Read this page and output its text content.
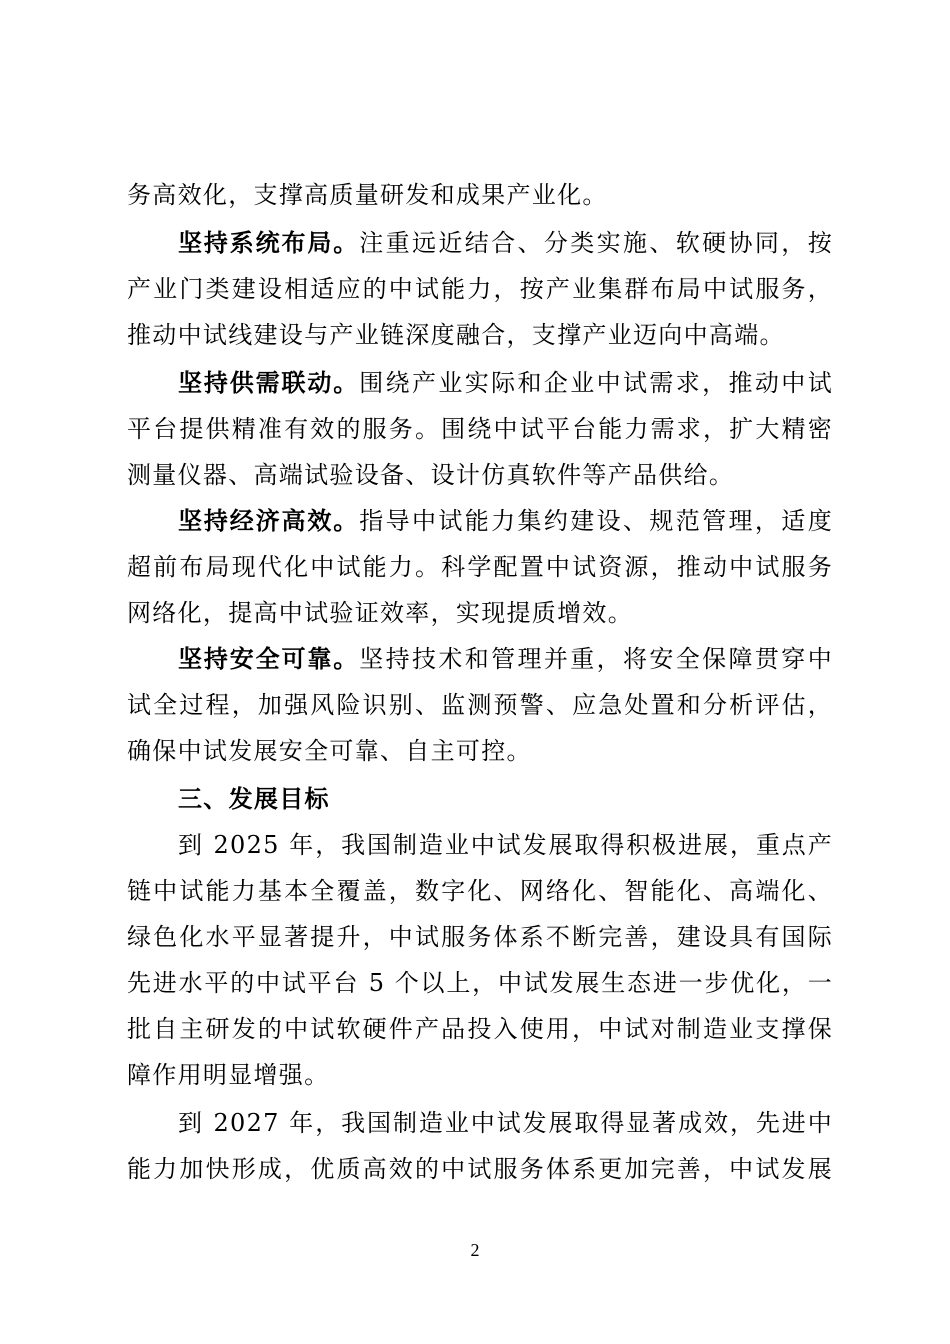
务高效化，支撑高质量研发和成果产业化。
坚持系统布局。注重远近结合、分类实施、软硬协同，按
产业门类建设相适应的中试能力，按产业集群布局中试服务，
推动中试线建设与产业链深度融合，支撑产业迈向中高端。
坚持供需联动。围绕产业实际和企业中试需求，推动中试
平台提供精准有效的服务。围绕中试平台能力需求，扩大精密
测量仪器、高端试验设备、设计仿真软件等产品供给。
坚持经济高效。指导中试能力集约建设、规范管理，适度
超前布局现代化中试能力。科学配置中试资源，推动中试服务
网络化，提高中试验证效率，实现提质增效。
坚持安全可靠。坚持技术和管理并重，将安全保障贯穿中
试全过程，加强风险识别、监测预警、应急处置和分析评估，
确保中试发展安全可靠、自主可控。
三、发展目标
到 2025 年，我国制造业中试发展取得积极进展，重点产
链中试能力基本全覆盖，数字化、网络化、智能化、高端化、
绿色化水平显著提升，中试服务体系不断完善，建设具有国际
先进水平的中试平台 5 个以上，中试发展生态进一步优化，一
批自主研发的中试软硬件产品投入使用，中试对制造业支撑保
障作用明显增强。
到 2027 年，我国制造业中试发展取得显著成效，先进中
能力加快形成，优质高效的中试服务体系更加完善，中试发展
2
